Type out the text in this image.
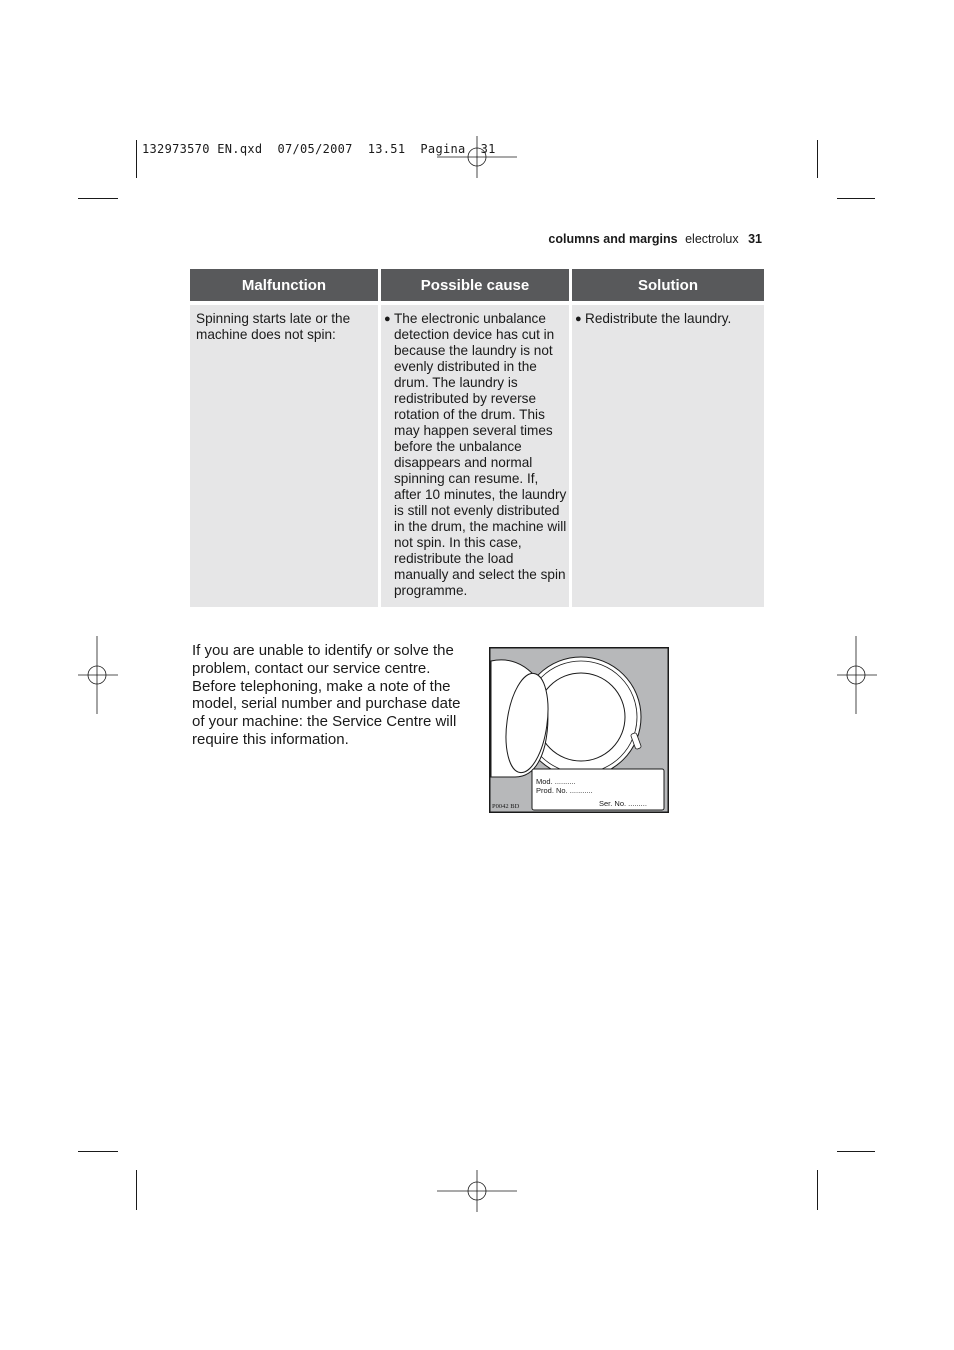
132973570 EN.qxd  07/05/2007  13.51  Pagina  31
columns and margins electrolux 31
Malfunction	Possible cause	Solution
Spinning starts late or the machine does not spin:	● The electronic unbalance detection device has cut in because the laundry is not evenly distributed in the drum. The laundry is redistributed by reverse rotation of the drum. This may happen several times before the unbalance disappears and normal spinning can resume. If, after 10 minutes, the laundry is still not evenly distributed in the drum, the machine will not spin. In this case, redistribute the load manually and select the spin programme.	● Redistribute the laundry.

If you are unable to identify or solve the problem, contact our service centre. Before telephoning, make a note of the model, serial number and purchase date of your machine: the Service Centre will require this information.

Mod. ..........
Prod. No. ...........
Ser. No. .........
P0042 BD
